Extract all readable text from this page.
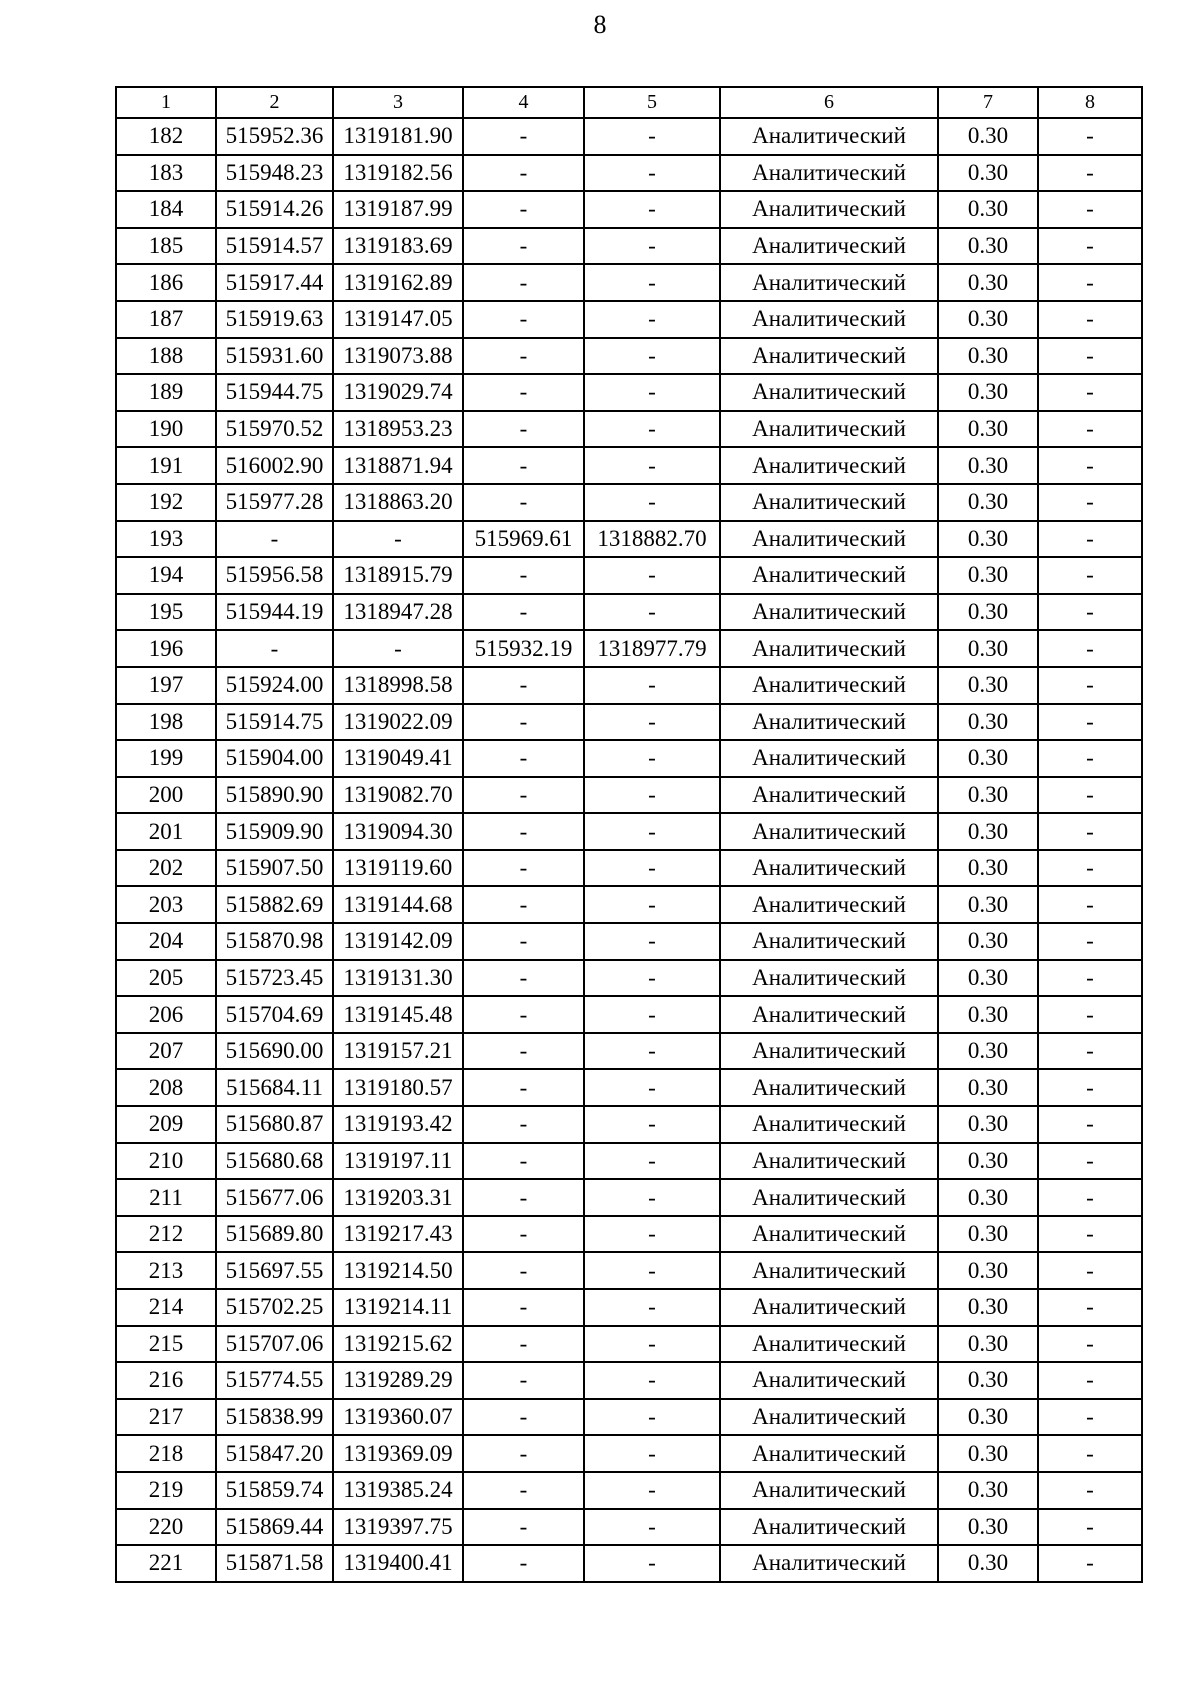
8
1	2	3	4	5	6	7	8
182	515952.36	1319181.90	-	-	Аналитический	0.30	-
183	515948.23	1319182.56	-	-	Аналитический	0.30	-
184	515914.26	1319187.99	-	-	Аналитический	0.30	-
185	515914.57	1319183.69	-	-	Аналитический	0.30	-
186	515917.44	1319162.89	-	-	Аналитический	0.30	-
187	515919.63	1319147.05	-	-	Аналитический	0.30	-
188	515931.60	1319073.88	-	-	Аналитический	0.30	-
189	515944.75	1319029.74	-	-	Аналитический	0.30	-
190	515970.52	1318953.23	-	-	Аналитический	0.30	-
191	516002.90	1318871.94	-	-	Аналитический	0.30	-
192	515977.28	1318863.20	-	-	Аналитический	0.30	-
193	-	-	515969.61	1318882.70	Аналитический	0.30	-
194	515956.58	1318915.79	-	-	Аналитический	0.30	-
195	515944.19	1318947.28	-	-	Аналитический	0.30	-
196	-	-	515932.19	1318977.79	Аналитический	0.30	-
197	515924.00	1318998.58	-	-	Аналитический	0.30	-
198	515914.75	1319022.09	-	-	Аналитический	0.30	-
199	515904.00	1319049.41	-	-	Аналитический	0.30	-
200	515890.90	1319082.70	-	-	Аналитический	0.30	-
201	515909.90	1319094.30	-	-	Аналитический	0.30	-
202	515907.50	1319119.60	-	-	Аналитический	0.30	-
203	515882.69	1319144.68	-	-	Аналитический	0.30	-
204	515870.98	1319142.09	-	-	Аналитический	0.30	-
205	515723.45	1319131.30	-	-	Аналитический	0.30	-
206	515704.69	1319145.48	-	-	Аналитический	0.30	-
207	515690.00	1319157.21	-	-	Аналитический	0.30	-
208	515684.11	1319180.57	-	-	Аналитический	0.30	-
209	515680.87	1319193.42	-	-	Аналитический	0.30	-
210	515680.68	1319197.11	-	-	Аналитический	0.30	-
211	515677.06	1319203.31	-	-	Аналитический	0.30	-
212	515689.80	1319217.43	-	-	Аналитический	0.30	-
213	515697.55	1319214.50	-	-	Аналитический	0.30	-
214	515702.25	1319214.11	-	-	Аналитический	0.30	-
215	515707.06	1319215.62	-	-	Аналитический	0.30	-
216	515774.55	1319289.29	-	-	Аналитический	0.30	-
217	515838.99	1319360.07	-	-	Аналитический	0.30	-
218	515847.20	1319369.09	-	-	Аналитический	0.30	-
219	515859.74	1319385.24	-	-	Аналитический	0.30	-
220	515869.44	1319397.75	-	-	Аналитический	0.30	-
221	515871.58	1319400.41	-	-	Аналитический	0.30	-
